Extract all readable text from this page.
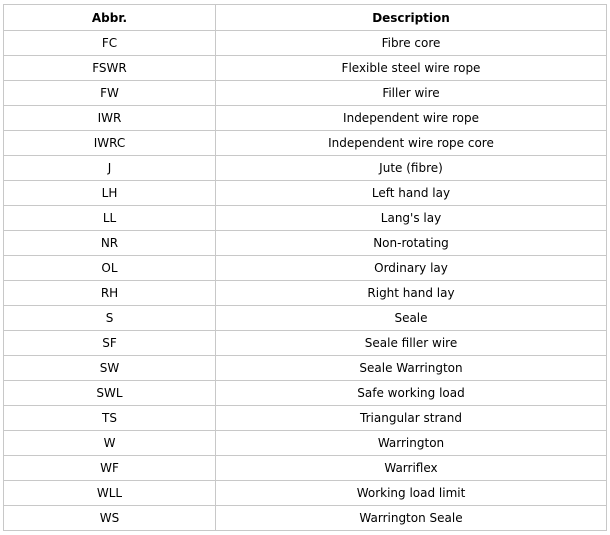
Abbr.	Description
FC	Fibre core
FSWR	Flexible steel wire rope
FW	Filler wire
IWR	Independent wire rope
IWRC	Independent wire rope core
J	Jute (fibre)
LH	Left hand lay
LL	Lang's lay
NR	Non-rotating
OL	Ordinary lay
RH	Right hand lay
S	Seale
SF	Seale filler wire
SW	Seale Warrington
SWL	Safe working load
TS	Triangular strand
W	Warrington
WF	Warriflex
WLL	Working load limit
WS	Warrington Seale
